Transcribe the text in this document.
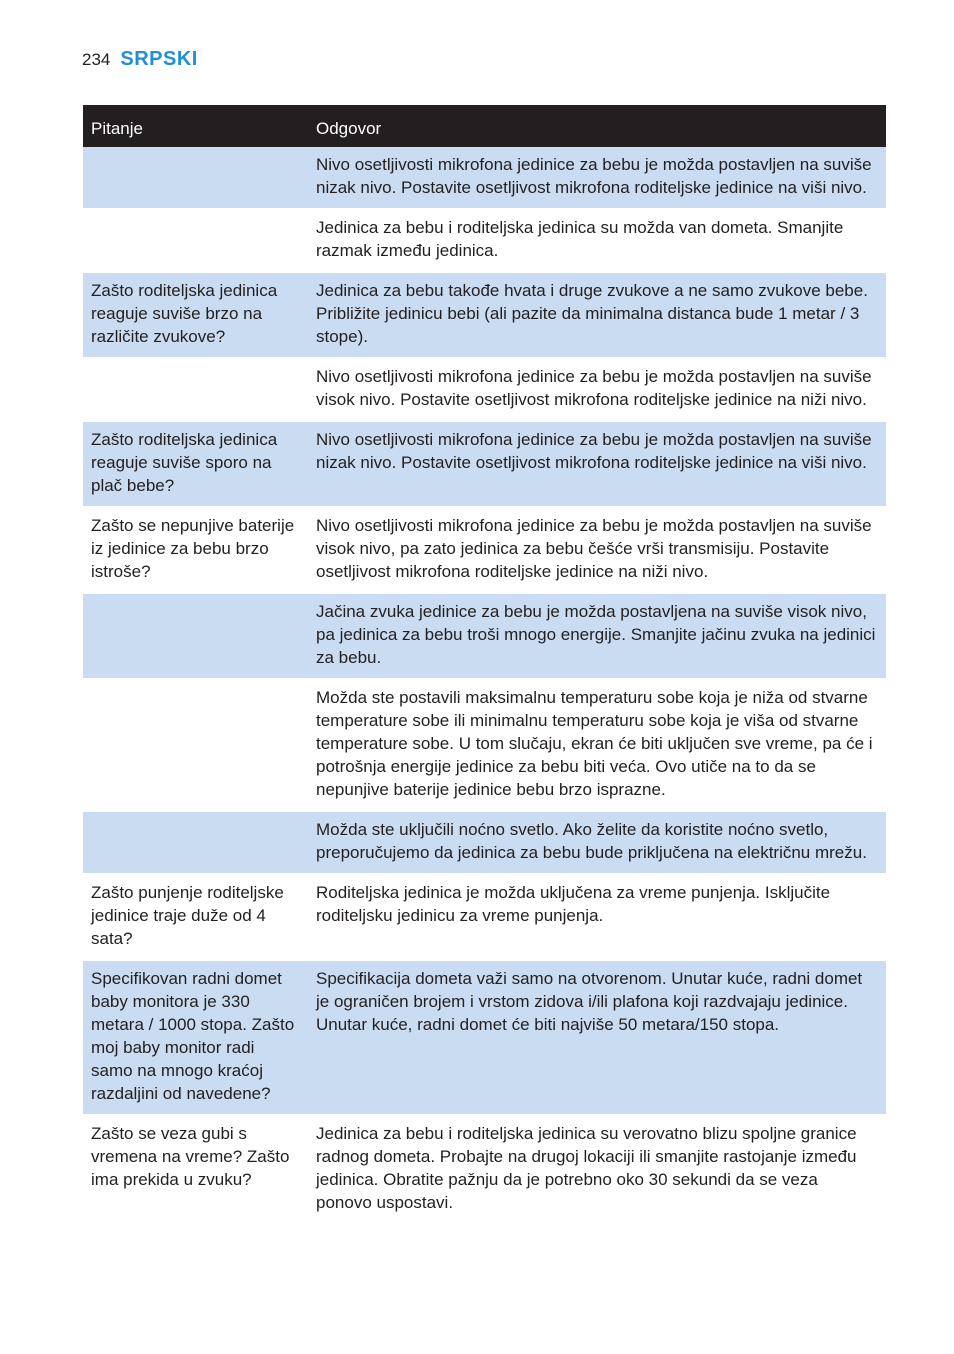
234 SRPSKI
Pitanje	Odgovor
	Nivo osetljivosti mikrofona jedinice za bebu je možda postavljen na suviše nizak nivo. Postavite osetljivost mikrofona roditeljske jedinice na viši nivo.
	Jedinica za bebu i roditeljska jedinica su možda van dometa. Smanjite razmak između jedinica.
Zašto roditeljska jedinica reaguje suviše brzo na različite zvukove?	Jedinica za bebu takođe hvata i druge zvukove a ne samo zvukove bebe. Približite jedinicu bebi (ali pazite da minimalna distanca bude 1 metar / 3 stope).
	Nivo osetljivosti mikrofona jedinice za bebu je možda postavljen na suviše visok nivo. Postavite osetljivost mikrofona roditeljske jedinice na niži nivo.
Zašto roditeljska jedinica reaguje suviše sporo na plač bebe?	Nivo osetljivosti mikrofona jedinice za bebu je možda postavljen na suviše nizak nivo. Postavite osetljivost mikrofona roditeljske jedinice na viši nivo.
Zašto se nepunjive baterije iz jedinice za bebu brzo istroše?	Nivo osetljivosti mikrofona jedinice za bebu je možda postavljen na suviše visok nivo, pa zato jedinica za bebu češće vrši transmisiju. Postavite osetljivost mikrofona roditeljske jedinice na niži nivo.
	Jačina zvuka jedinice za bebu je možda postavljena na suviše visok nivo, pa jedinica za bebu troši mnogo energije. Smanjite jačinu zvuka na jedinici za bebu.
	Možda ste postavili maksimalnu temperaturu sobe koja je niža od stvarne temperature sobe ili minimalnu temperaturu sobe koja je viša od stvarne temperature sobe. U tom slučaju, ekran će biti uključen sve vreme, pa će i potrošnja energije jedinice za bebu biti veća. Ovo utiče na to da se nepunjive baterije jedinice bebu brzo isprazne.
	Možda ste uključili noćno svetlo. Ako želite da koristite noćno svetlo, preporučujemo da jedinica za bebu bude priključena na električnu mrežu.
Zašto punjenje roditeljske jedinice traje duže od 4 sata?	Roditeljska jedinica je možda uključena za vreme punjenja. Isključite roditeljsku jedinicu za vreme punjenja.
Specifikovan radni domet baby monitora je 330 metara / 1000 stopa. Zašto moj baby monitor radi samo na mnogo kraćoj razdaljini od navedene?	Specifikacija dometa važi samo na otvorenom. Unutar kuće, radni domet je ograničen brojem i vrstom zidova i/ili plafona koji razdvajaju jedinice. Unutar kuće, radni domet će biti najviše 50 metara/150 stopa.
Zašto se veza gubi s vremena na vreme? Zašto ima prekida u zvuku?	Jedinica za bebu i roditeljska jedinica su verovatno blizu spoljne granice radnog dometa. Probajte na drugoj lokaciji ili smanjite rastojanje između jedinica. Obratite pažnju da je potrebno oko 30 sekundi da se veza ponovo uspostavi.
